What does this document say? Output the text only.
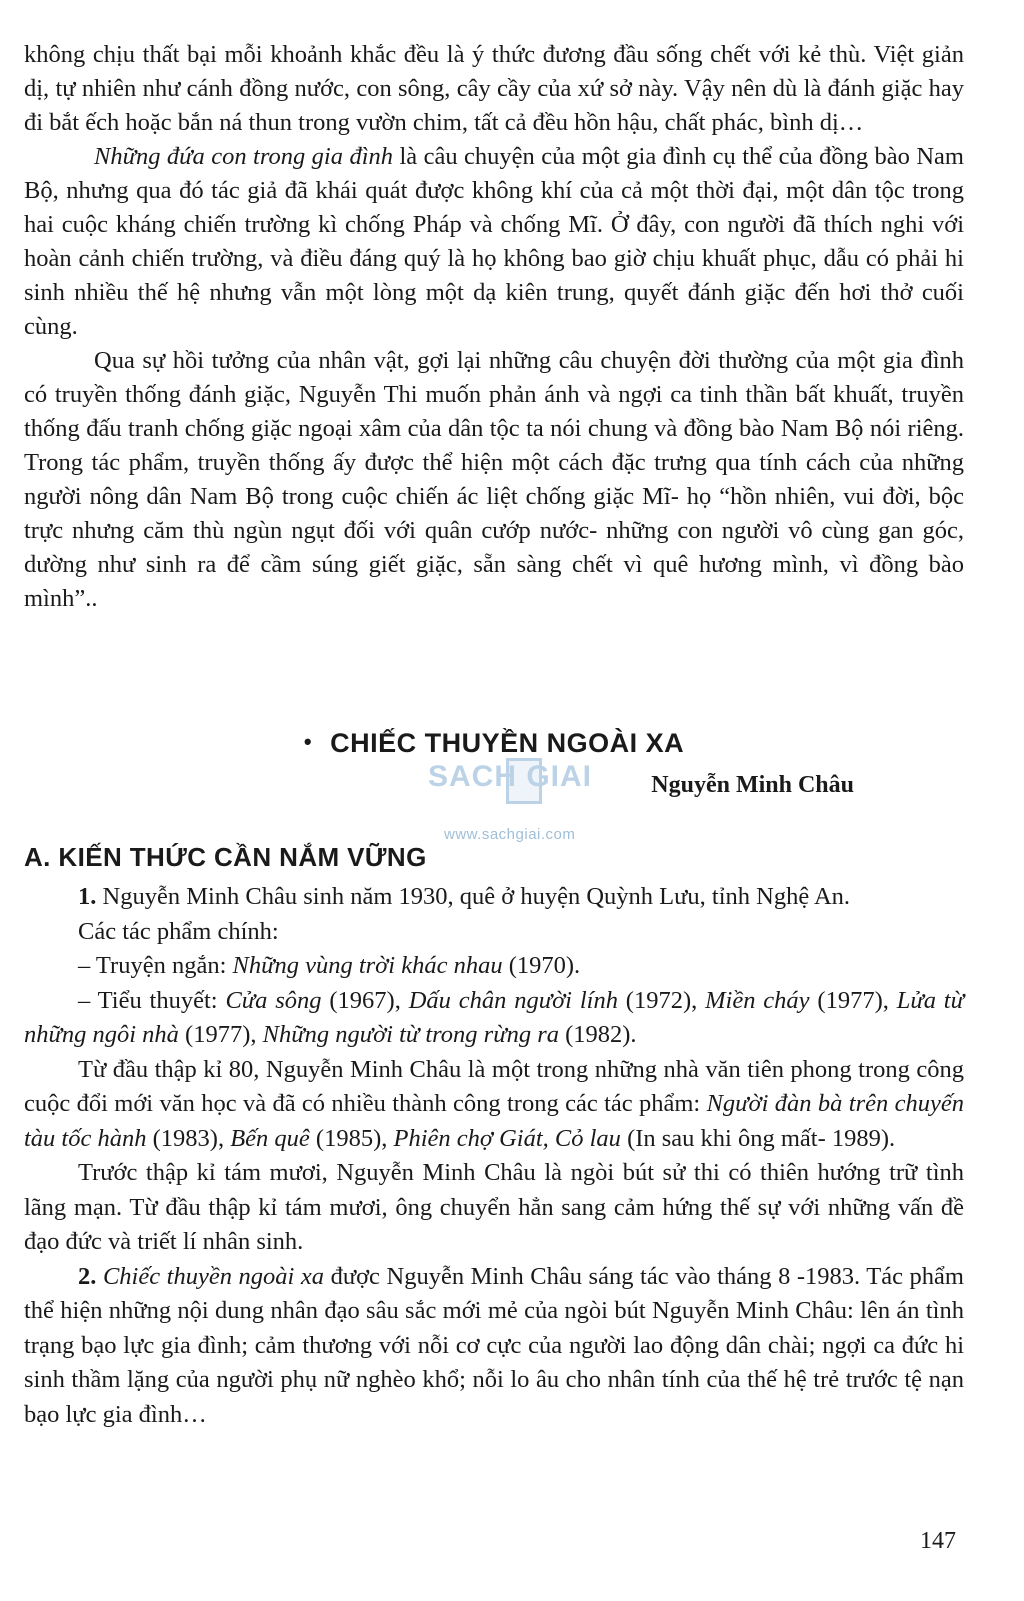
không chịu thất bại mỗi khoảnh khắc đều là ý thức đương đầu sống chết với kẻ thù. Việt giản dị, tự nhiên như cánh đồng nước, con sông, cây cầy của xứ sở này. Vậy nên dù là đánh giặc hay đi bắt ếch hoặc bắn ná thun trong vườn chim, tất cả đều hồn hậu, chất phác, bình dị…

Những đứa con trong gia đình là câu chuyện của một gia đình cụ thể của đồng bào Nam Bộ, nhưng qua đó tác giả đã khái quát được không khí của cả một thời đại, một dân tộc trong hai cuộc kháng chiến trường kì chống Pháp và chống Mĩ. Ở đây, con người đã thích nghi với hoàn cảnh chiến trường, và điều đáng quý là họ không bao giờ chịu khuất phục, dẫu có phải hi sinh nhiều thế hệ nhưng vẫn một lòng một dạ kiên trung, quyết đánh giặc đến hơi thở cuối cùng.

Qua sự hồi tưởng của nhân vật, gợi lại những câu chuyện đời thường của một gia đình có truyền thống đánh giặc, Nguyễn Thi muốn phản ánh và ngợi ca tinh thần bất khuất, truyền thống đấu tranh chống giặc ngoại xâm của dân tộc ta nói chung và đồng bào Nam Bộ nói riêng. Trong tác phẩm, truyền thống ấy được thể hiện một cách đặc trưng qua tính cách của những người nông dân Nam Bộ trong cuộc chiến ác liệt chống giặc Mĩ- họ “hồn nhiên, vui đời, bộc trực nhưng căm thù ngùn ngụt đối với quân cướp nước- những con người vô cùng gan góc, dường như sinh ra để cầm súng giết giặc, sẵn sàng chết vì quê hương mình, vì đồng bào mình”..

• CHIẾC THUYỀN NGOÀI XA
SACH GIAI
www.sachgiai.com
Nguyễn Minh Châu
A. KIẾN THỨC CẦN NẮM VỮNG

1. Nguyễn Minh Châu sinh năm 1930, quê ở huyện Quỳnh Lưu, tỉnh Nghệ An.

Các tác phẩm chính:

– Truyện ngắn: Những vùng trời khác nhau (1970).

– Tiểu thuyết: Cửa sông (1967), Dấu chân người lính (1972), Miền cháy (1977), Lửa từ những ngôi nhà (1977), Những người từ trong rừng ra (1982).

Từ đầu thập kỉ 80, Nguyễn Minh Châu là một trong những nhà văn tiên phong trong công cuộc đổi mới văn học và đã có nhiều thành công trong các tác phẩm: Người đàn bà trên chuyến tàu tốc hành (1983), Bến quê (1985), Phiên chợ Giát, Cỏ lau (In sau khi ông mất- 1989).

Trước thập kỉ tám mươi, Nguyễn Minh Châu là ngòi bút sử thi có thiên hướng trữ tình lãng mạn. Từ đầu thập kỉ tám mươi, ông chuyển hẳn sang cảm hứng thế sự với những vấn đề đạo đức và triết lí nhân sinh.

2. Chiếc thuyền ngoài xa được Nguyễn Minh Châu sáng tác vào tháng 8 -1983. Tác phẩm thể hiện những nội dung nhân đạo sâu sắc mới mẻ của ngòi bút Nguyễn Minh Châu: lên án tình trạng bạo lực gia đình; cảm thương với nỗi cơ cực của người lao động dân chài; ngợi ca đức hi sinh thầm lặng của người phụ nữ nghèo khổ; nỗi lo âu cho nhân tính của thế hệ trẻ trước tệ nạn bạo lực gia đình…

147
